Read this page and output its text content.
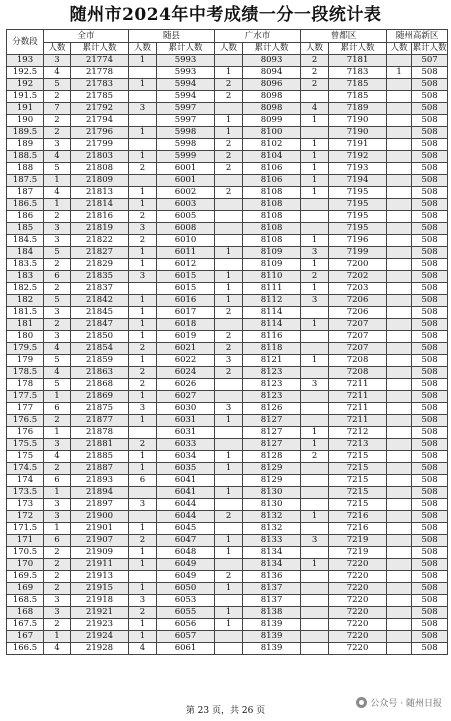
随州市2024年中考成绩一分一段统计表
分数段	全市		随县		广水市		曾都区		随州高新区	
	人数	累计人数	人数	累计人数	人数	累计人数	人数	累计人数	人数	累计人数
193	3	21774	1	5993		8093	2	7181		507
192.5	4	21778		5993	1	8094	2	7183	1	508
192	5	21783	1	5994	2	8096	2	7185		508
191.5	2	21785		5994	2	8098		7185		508
191	7	21792	3	5997		8098	4	7189		508
190	2	21794		5997	1	8099	1	7190		508
189.5	2	21796	1	5998	1	8100		7190		508
189	3	21799		5998	2	8102	1	7191		508
188.5	4	21803	1	5999	2	8104	1	7192		508
188	5	21808	2	6001	2	8106	1	7193		508
187.5	1	21809		6001		8106	1	7194		508
187	4	21813	1	6002	2	8108	1	7195		508
186.5	1	21814	1	6003		8108		7195		508
186	2	21816	2	6005		8108		7195		508
185	3	21819	3	6008		8108		7195		508
184.5	3	21822	2	6010		8108	1	7196		508
184	5	21827	1	6011	1	8109	3	7199		508
183.5	2	21829	1	6012		8109	1	7200		508
183	6	21835	3	6015	1	8110	2	7202		508
182.5	2	21837		6015	1	8111	1	7203		508
182	5	21842	1	6016	1	8112	3	7206		508
181.5	3	21845	1	6017	2	8114		7206		508
181	2	21847	1	6018		8114	1	7207		508
180	3	21850	1	6019	2	8116		7207		508
179.5	4	21854	2	6021	2	8118		7207		508
179	5	21859	1	6022	3	8121	1	7208		508
178.5	4	21863	2	6024	2	8123		7208		508
178	5	21868	2	6026		8123	3	7211		508
177.5	1	21869	1	6027		8123		7211		508
177	6	21875	3	6030	3	8126		7211		508
176.5	2	21877	1	6031	1	8127		7211		508
176	1	21878		6031		8127	1	7212		508
175.5	3	21881	2	6033		8127	1	7213		508
175	4	21885	1	6034	1	8128	2	7215		508
174.5	2	21887	1	6035	1	8129		7215		508
174	6	21893	6	6041		8129		7215		508
173.5	1	21894		6041	1	8130		7215		508
173	3	21897	3	6044		8130		7215		508
172	3	21900		6044	2	8132	1	7216		508
171.5	1	21901	1	6045		8132		7216		508
171	6	21907	2	6047	1	8133	3	7219		508
170.5	2	21909	1	6048	1	8134		7219		508
170	2	21911	1	6049		8134	1	7220		508
169.5	2	21913		6049	2	8136		7220		508
169	2	21915	1	6050	1	8137		7220		508
168.5	3	21918	3	6053		8137		7220		508
168	3	21921	2	6055	1	8138		7220		508
167.5	2	21923	1	6056	1	8139		7220		508
167	1	21924	1	6057		8139		7220		508
166.5	4	21928	4	6061		8139		7220		508
第 23 页，共 26 页
公众号 · 随州日报
